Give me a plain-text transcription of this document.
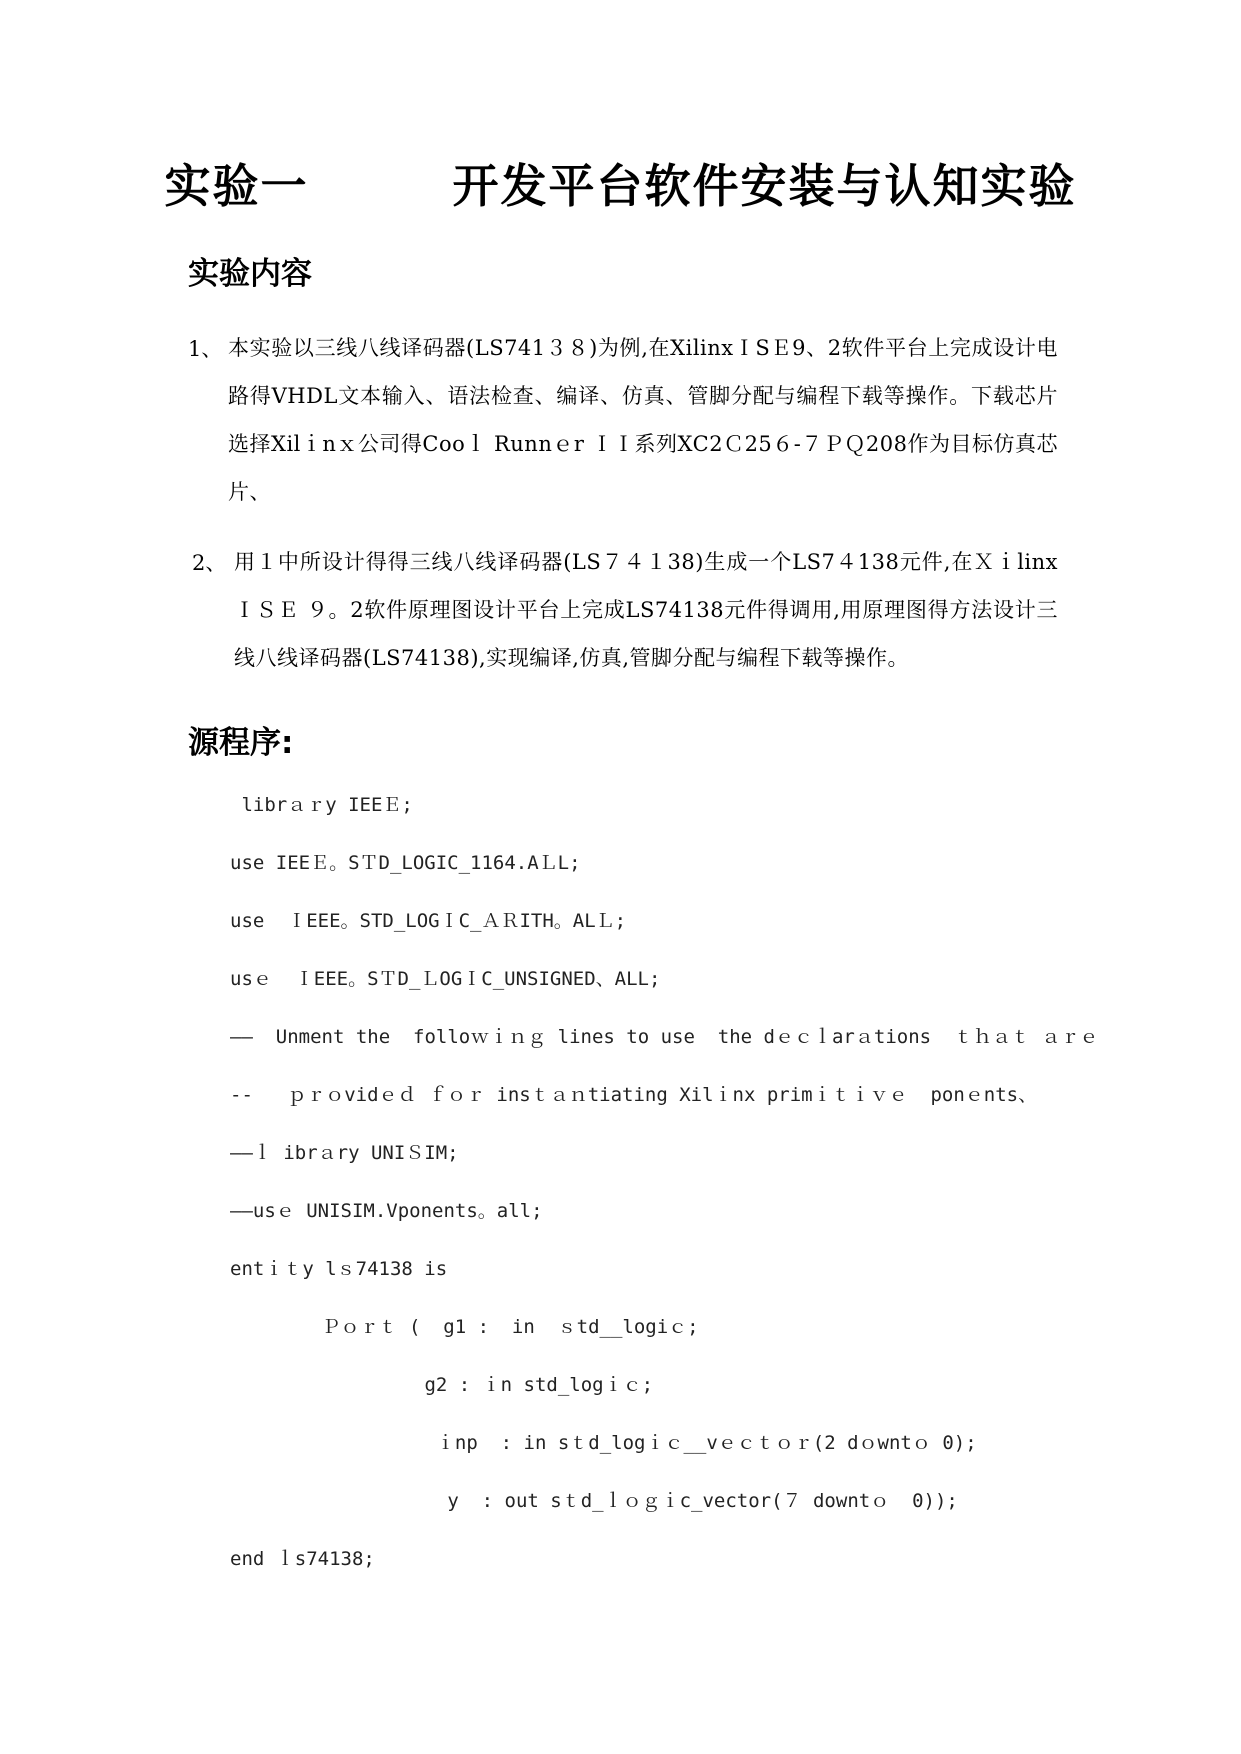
实验一        开发平台软件安装与认知实验
实验内容
1、 本实验以三线八线译码器(LS741３８)为例,在XilinxＩSＥ9、2软件平台上完成设计电路得VHDL文本输入、语法检查、编译、仿真、管脚分配与编程下载等操作。下载芯片选择Xilｉnｘ公司得Cooｌ Runnｅr ＩＩ系列XC2Ｃ25６-７ＰＱ208作为目标仿真芯片、
2、 用１中所设计得得三线八线译码器(LS７４１38)生成一个LS7４138元件,在Ｘｉlinx ＩＳＥ ９。2软件原理图设计平台上完成LS74138元件得调用,用原理图得方法设计三线八线译码器(LS74138),实现编译,仿真,管脚分配与编程下载等操作。
源程序:
librａｒy IEEＥ;
use IEEＥ。SＴD_LOGIC_1164.AＬL;
use  ＩEEE。STD_LOGＩC_ＡＲITH。ALＬ;
usｅ  ＩEEE。SＴD_ＬOGＩC_UNSIGNED、ALL;
——  Unment the  folloｗｉｎｇ lines to use  the dｅｃｌarａtions  ｔｈａｔ ａｒｅ
--   ｐｒｏvidｅｄ ｆｏｒ insｔａｎtiating Xilｉnx primｉｔｉｖｅ  ponｅnts、
——ｌ ibrａry UNIＳIM;
——usｅ UNISIM.Vponents。all;
entｉｔy lｓ74138 is
Ｐｏｒｔ (  g1 :  in  ｓtd__logiｃ;
g2 : ｉn std_logｉｃ;
ｉnp  : in sｔd_logｉｃ__vｅｃｔｏｒ(2 dｏwntｏ 0);
y  : out sｔd_ｌｏｇｉc_vector(７ downtｏ  0));
end ｌs74138;
